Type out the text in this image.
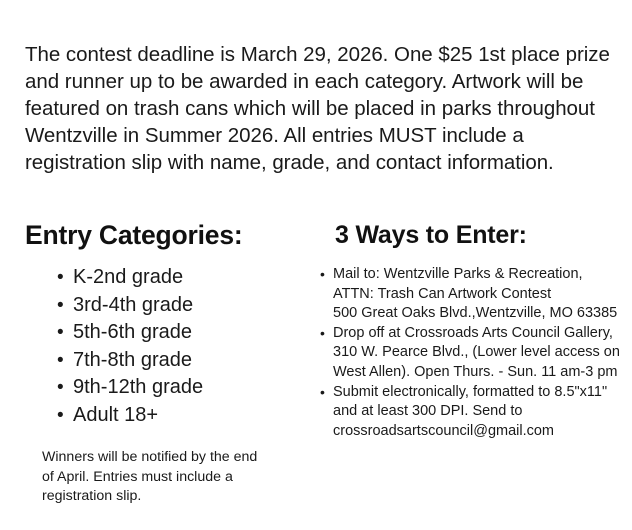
The contest deadline is March 29, 2026. One $25 1st place prize and runner up to be awarded in each category. Artwork will be featured on trash cans which will be placed in parks throughout Wentzville in Summer 2026. All entries MUST include a registration slip with name, grade, and contact information.

Entry Categories:
• K-2nd grade
• 3rd-4th grade
• 5th-6th grade
• 7th-8th grade
• 9th-12th grade
• Adult 18+

Winners will be notified by the end of April. Entries must include a registration slip.

3 Ways to Enter:
• Mail to: Wentzville Parks & Recreation,
ATTN: Trash Can Artwork Contest
500 Great Oaks Blvd.,Wentzville, MO 63385
• Drop off at Crossroads Arts Council Gallery, 310 W. Pearce Blvd., (Lower level access on West Allen). Open Thurs. - Sun. 11 am-3 pm
• Submit electronically, formatted to 8.5"x11" and at least 300 DPI. Send to crossroadsartscouncil@gmail.com
